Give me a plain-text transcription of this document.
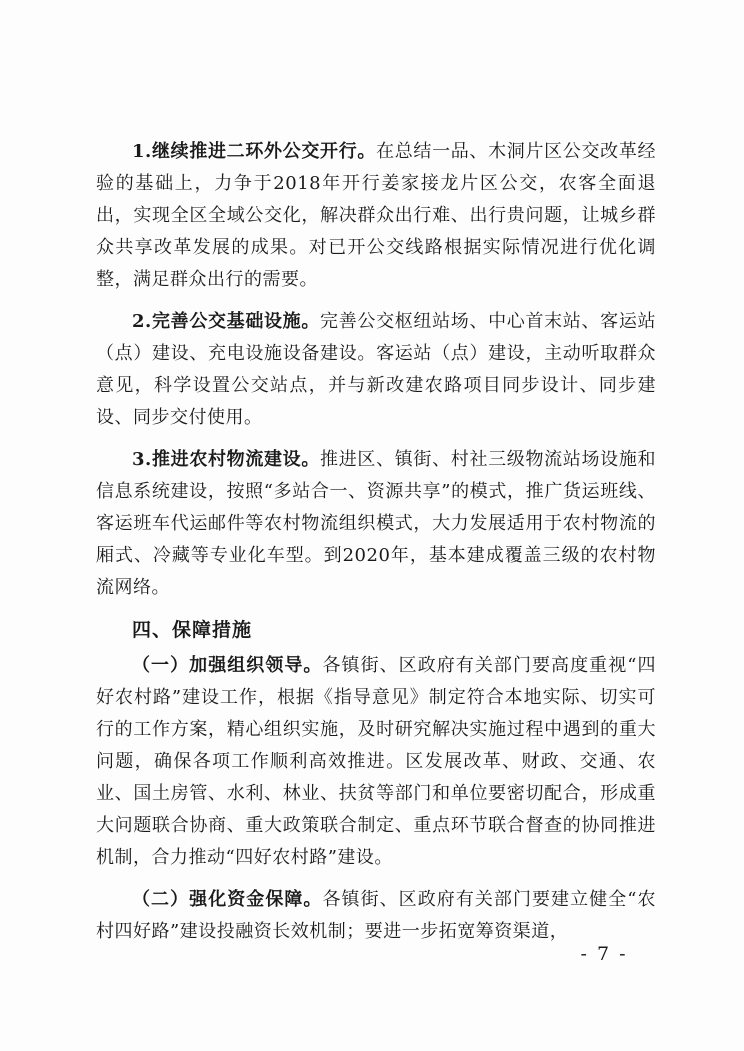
1.继续推进二环外公交开行。在总结一品、木洞片区公交改革经验的基础上，力争于2018年开行姜家接龙片区公交，农客全面退出，实现全区全域公交化，解决群众出行难、出行贵问题，让城乡群众共享改革发展的成果。对已开公交线路根据实际情况进行优化调整，满足群众出行的需要。

2.完善公交基础设施。完善公交枢纽站场、中心首末站、客运站（点）建设、充电设施设备建设。客运站（点）建设，主动听取群众意见，科学设置公交站点，并与新改建农路项目同步设计、同步建设、同步交付使用。

3.推进农村物流建设。推进区、镇街、村社三级物流站场设施和信息系统建设，按照“多站合一、资源共享”的模式，推广货运班线、客运班车代运邮件等农村物流组织模式，大力发展适用于农村物流的厢式、冷藏等专业化车型。到2020年，基本建成覆盖三级的农村物流网络。

四、保障措施

（一）加强组织领导。各镇街、区政府有关部门要高度重视“四好农村路”建设工作，根据《指导意见》制定符合本地实际、切实可行的工作方案，精心组织实施，及时研究解决实施过程中遇到的重大问题，确保各项工作顺利高效推进。区发展改革、财政、交通、农业、国土房管、水利、林业、扶贫等部门和单位要密切配合，形成重大问题联合协商、重大政策联合制定、重点环节联合督查的协同推进机制，合力推动“四好农村路”建设。

（二）强化资金保障。各镇街、区政府有关部门要建立健全“农村四好路”建设投融资长效机制；要进一步拓宽筹资渠道，

- 7 -
